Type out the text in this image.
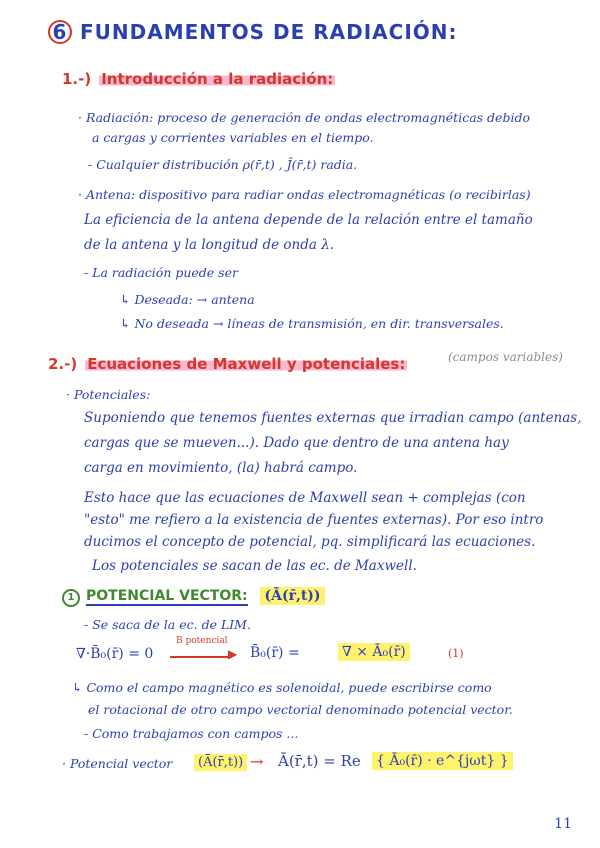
6 FUNDAMENTOS DE RADIACIÓN:
1.-) Introducción a la radiación:
· Radiación: proceso de generación de ondas electromagnéticas debido
a cargas y corrientes variables en el tiempo.
- Cualquier distribución ρ(r̄,t) , J̄(r̄,t) radia.
· Antena: dispositivo para radiar ondas electromagnéticas (o recibirlas)
La eficiencia de la antena depende de la relación entre el tamaño
de la antena y la longitud de onda λ.
- La radiación puede ser
↳ Deseada: → antena
↳ No deseada → líneas de transmisión, en dir. transversales.
2.-) Ecuaciones de Maxwell y potenciales:	(campos variables)
· Potenciales:
Suponiendo que tenemos fuentes externas que irradian campo (antenas,
cargas que se mueven...). Dado que dentro de una antena hay
carga en movimiento, (la) habrá campo.
Esto hace que las ecuaciones de Maxwell sean + complejas (con
"esto" me refiero a la existencia de fuentes externas). Por eso intro
ducimos el concepto de potencial, pq. simplificará las ecuaciones.
Los potenciales se sacan de las ec. de Maxwell.
1 POTENCIAL VECTOR: (Ā(r̄,t))
- Se saca de la ec. de LIM.
∇·B̄₀(r̄) = 0
B potencial
▶ B̄₀(r̄) =	∇ × Ā₀(r̄)	(1)
↳ Como el campo magnético es solenoidal, puede escribirse como
el rotacional de otro campo vectorial denominado potencial vector.
- Como trabajamos con campos ...
· Potencial vector	(Ā(r̄,t)) → Ā(r̄,t) = Re { Ā₀(r̄) · e^{jωt} }
11
